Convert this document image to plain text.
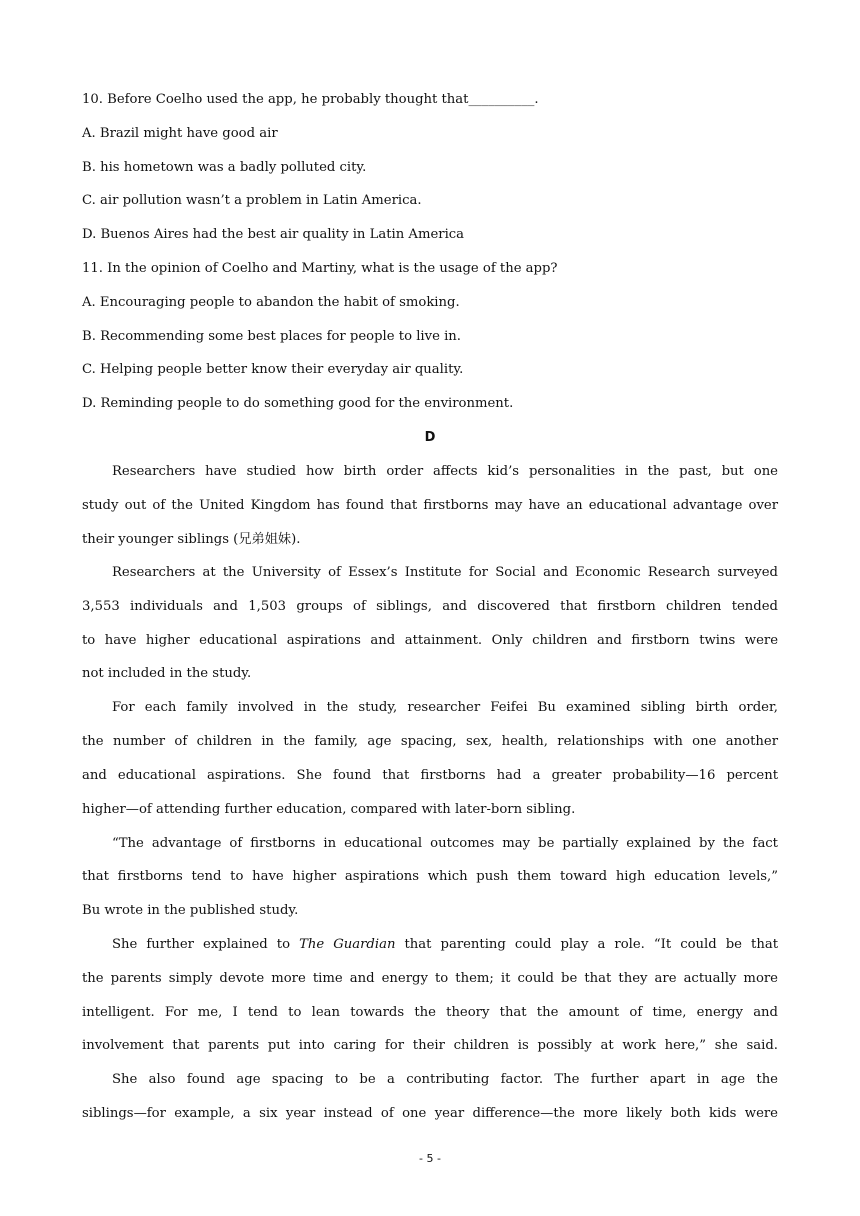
10. Before Coelho used the app, he probably thought that__________.
A. Brazil might have good air
B. his hometown was a badly polluted city.
C. air pollution wasn’t a problem in Latin America.
D. Buenos Aires had the best air quality in Latin America
11. In the opinion of Coelho and Martiny, what is the usage of the app?
A. Encouraging people to abandon the habit of smoking.
B. Recommending some best places for people to live in.
C. Helping people better know their everyday air quality.
D. Reminding people to do something good for the environment.
D
Researchers have studied how birth order affects kid’s personalities in the past, but one
study out of the United Kingdom has found that firstborns may have an educational advantage over
their younger siblings (兄弟姐妹).
Researchers at the University of Essex’s Institute for Social and Economic Research surveyed
3,553 individuals and 1,503 groups of siblings, and discovered that firstborn children tended
to have higher educational aspirations and attainment. Only children and firstborn twins were
not included in the study.
For each family involved in the study, researcher Feifei Bu examined sibling birth order,
the number of children in the family, age spacing, sex, health, relationships with one another
and educational aspirations. She found that firstborns had a greater probability—16 percent
higher—of attending further education, compared with later-born sibling.
“The advantage of firstborns in educational outcomes may be partially explained by the fact
that firstborns tend to have higher aspirations which push them toward high education levels,”
Bu wrote in the published study.
She further explained to The Guardian that parenting could play a role. “It could be that
the parents simply devote more time and energy to them; it could be that they are actually more
intelligent. For me, I tend to lean towards the theory that the amount of time, energy and
involvement that parents put into caring for their children is possibly at work here,” she said.
She also found age spacing to be a contributing factor. The further apart in age the
siblings—for example, a six year instead of one year difference—the more likely both kids were
- 5 -
